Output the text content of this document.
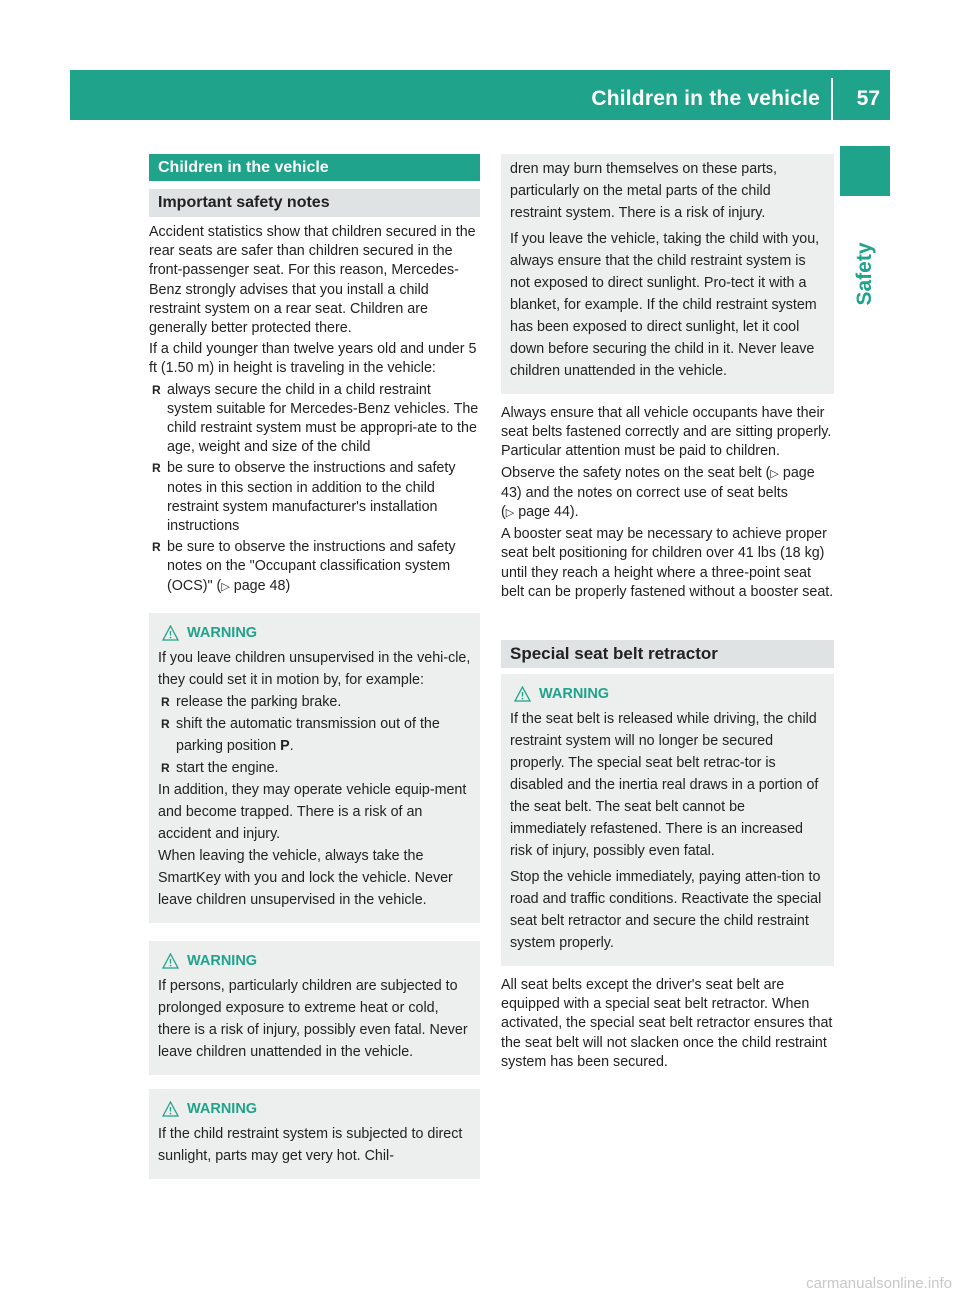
Children in the vehicle 57
Safety
Children in the vehicle
Important safety notes

Accident statistics show that children secured in the rear seats are safer than children secured in the front-passenger seat. For this reason, Mercedes-Benz strongly advises that you install a child restraint system on a rear seat. Children are generally better protected there.

If a child younger than twelve years old and under 5 ft (1.50 m) in height is traveling in the vehicle:

R always secure the child in a child restraint system suitable for Mercedes-Benz vehicles. The child restraint system must be appropri-ate to the age, weight and size of the child
R be sure to observe the instructions and safety notes in this section in addition to the child restraint system manufacturer's installation instructions
R be sure to observe the instructions and safety notes on the "Occupant classification system (OCS)" (▷ page 48)
WARNING

If you leave children unsupervised in the vehi-cle, they could set it in motion by, for example:

R release the parking brake.
R shift the automatic transmission out of the parking position P.
R start the engine.

In addition, they may operate vehicle equip-ment and become trapped. There is a risk of an accident and injury.

When leaving the vehicle, always take the SmartKey with you and lock the vehicle. Never leave children unsupervised in the vehicle.

WARNING

If persons, particularly children are subjected to prolonged exposure to extreme heat or cold, there is a risk of injury, possibly even fatal. Never leave children unattended in the vehicle.

WARNING

If the child restraint system is subjected to direct sunlight, parts may get very hot. Chil-

dren may burn themselves on these parts, particularly on the metal parts of the child restraint system. There is a risk of injury.

If you leave the vehicle, taking the child with you, always ensure that the child restraint system is not exposed to direct sunlight. Pro-tect it with a blanket, for example. If the child restraint system has been exposed to direct sunlight, let it cool down before securing the child in it. Never leave children unattended in the vehicle.

Always ensure that all vehicle occupants have their seat belts fastened correctly and are sitting properly. Particular attention must be paid to children.

Observe the safety notes on the seat belt (▷ page 43) and the notes on correct use of seat belts (▷ page 44).

A booster seat may be necessary to achieve proper seat belt positioning for children over 41 lbs (18 kg) until they reach a height where a three-point seat belt can be properly fastened without a booster seat.

Special seat belt retractor
WARNING

If the seat belt is released while driving, the child restraint system will no longer be secured properly. The special seat belt retrac-tor is disabled and the inertia real draws in a portion of the seat belt. The seat belt cannot be immediately refastened. There is an increased risk of injury, possibly even fatal.

Stop the vehicle immediately, paying atten-tion to road and traffic conditions. Reactivate the special seat belt retractor and secure the child restraint system properly.

All seat belts except the driver's seat belt are equipped with a special seat belt retractor. When activated, the special seat belt retractor ensures that the seat belt will not slacken once the child restraint system has been secured.

carmanualsonline.info
